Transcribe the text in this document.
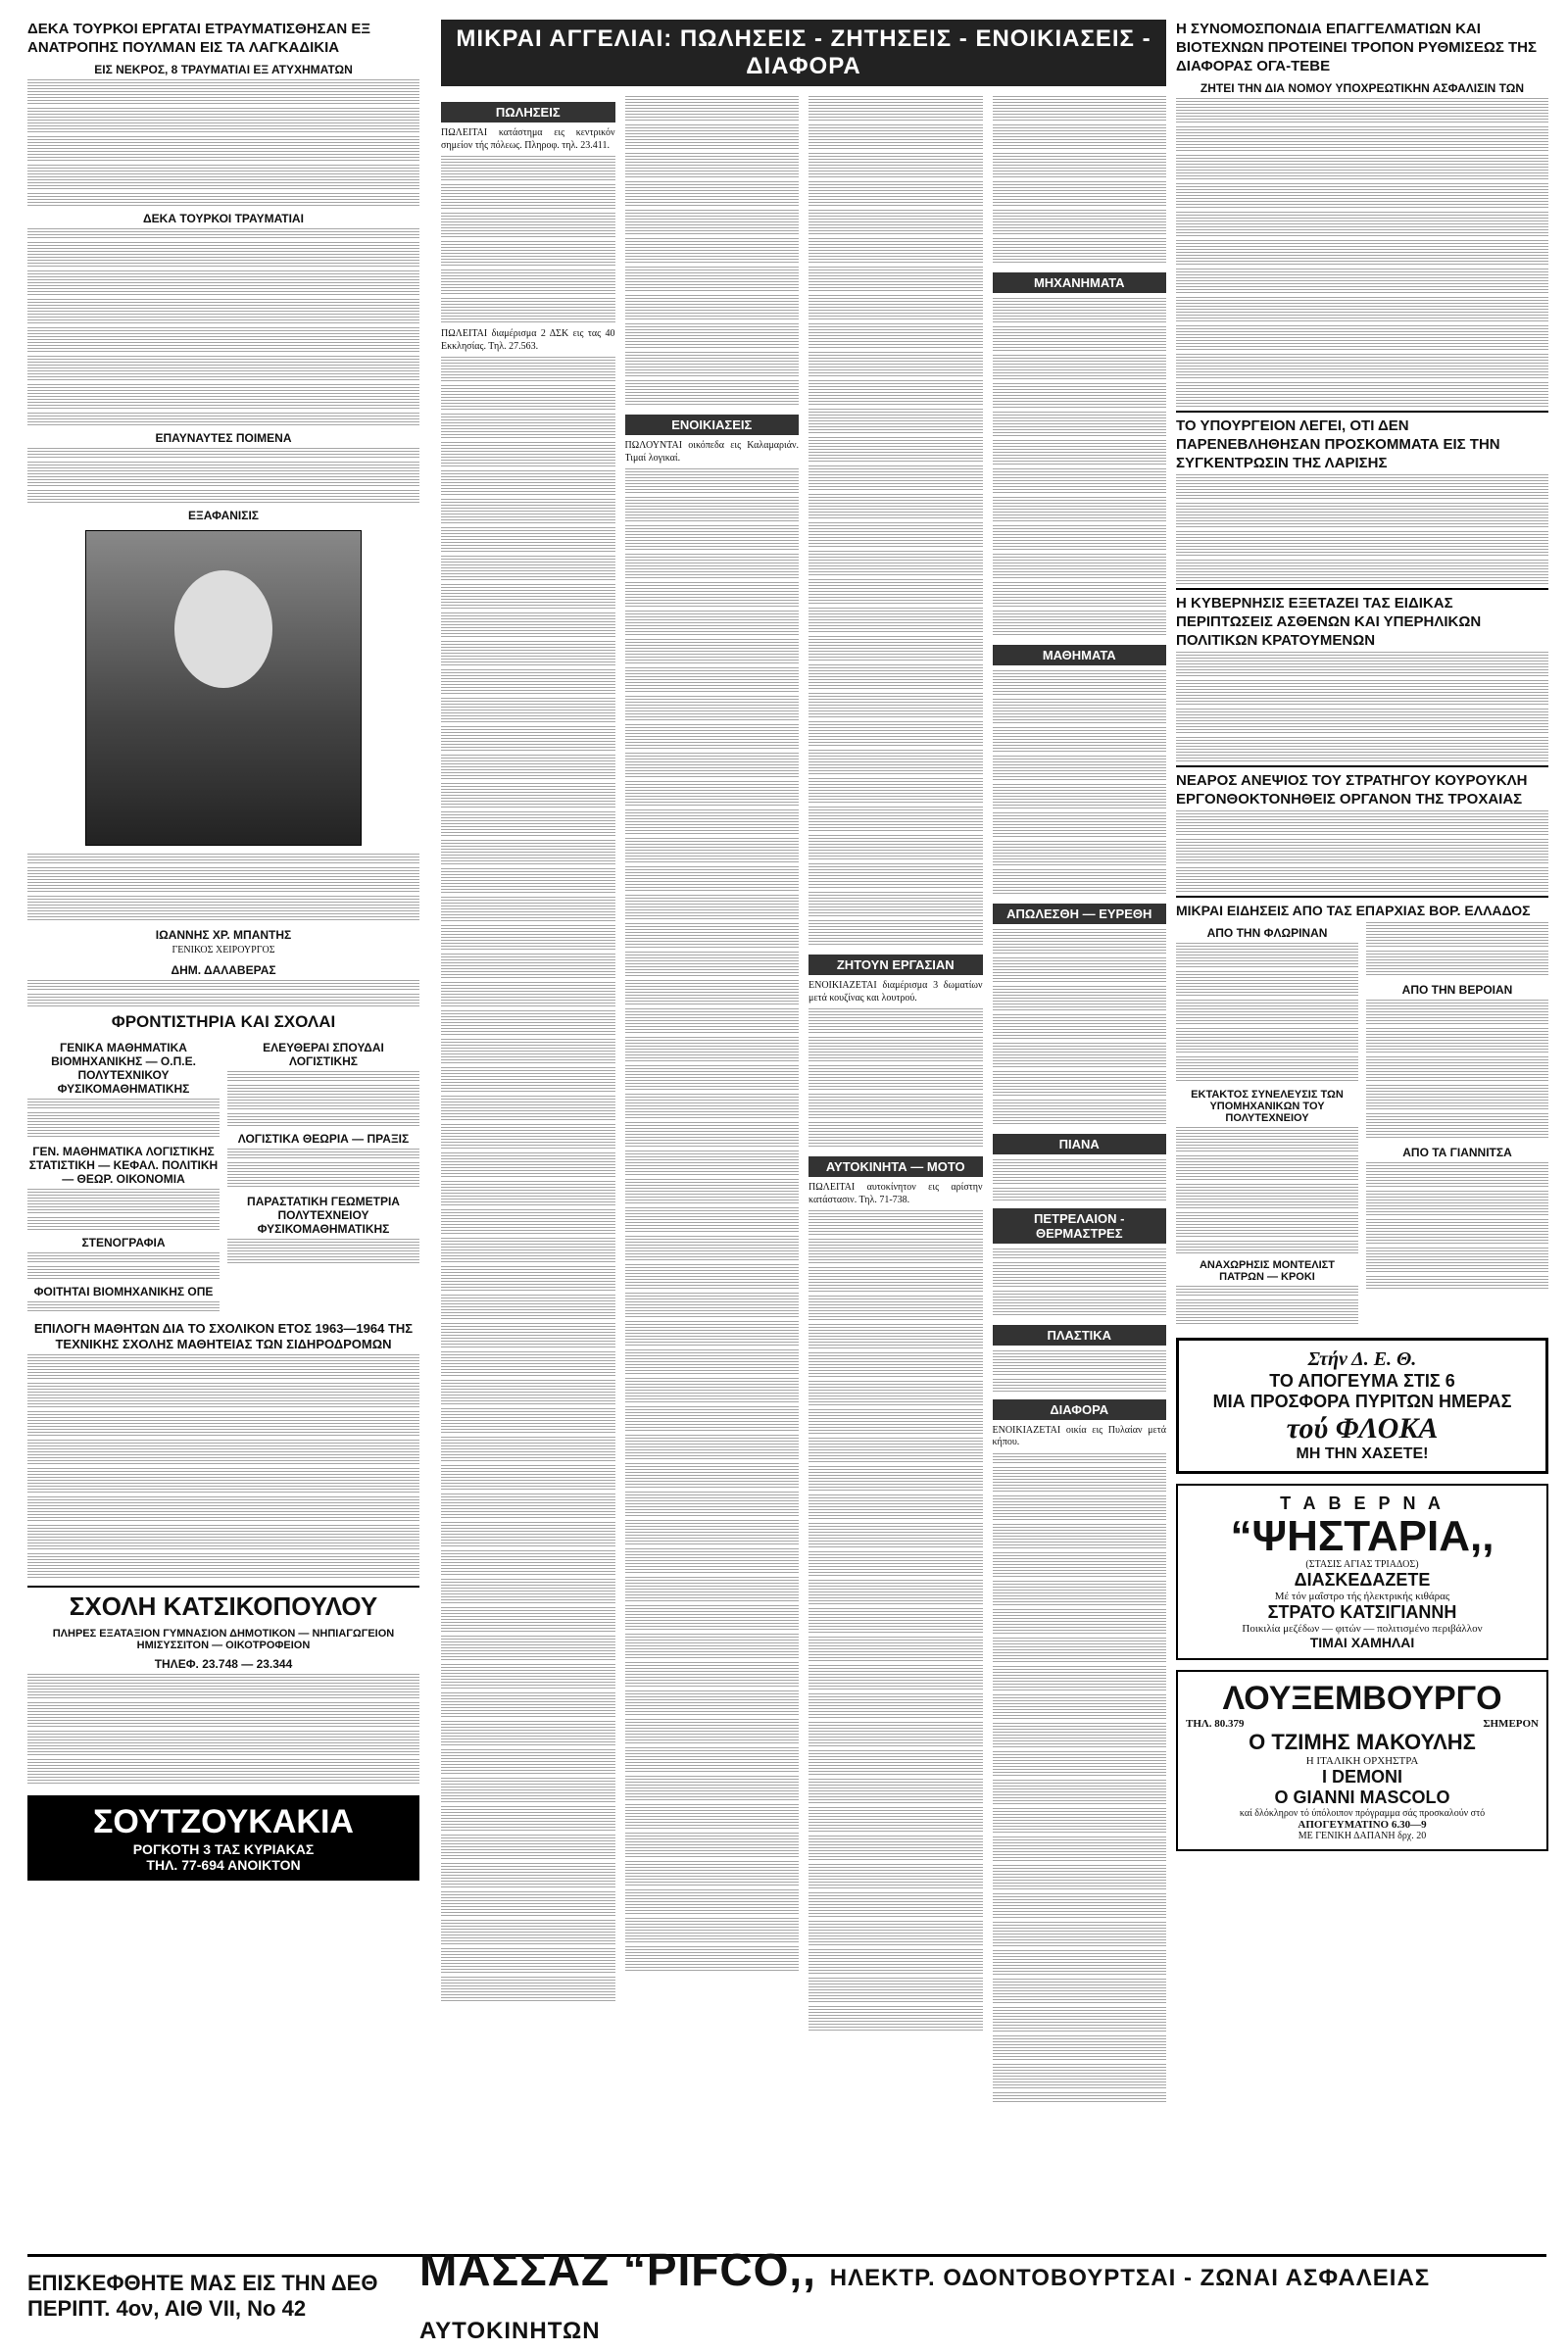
ΔΕΚΑ ΤΟΥΡΚΟΙ ΕΡΓΑΤΑΙ ΕΤΡΑΥΜΑΤΙΣΘΗΣΑΝ ΕΞ ΑΝΑΤΡΟΠΗΣ ΠΟΥΛΜΑΝ ΕΙΣ ΤΑ ΛΑΓΚΑΔΙΚΙΑ
ΕΙΣ ΝΕΚΡΟΣ, 8 ΤΡΑΥΜΑΤΙΑΙ ΕΞ ΑΤΥΧΗΜΑΤΩΝ
ΔΕΚΑ ΤΟΥΡΚΟΙ ΤΡΑΥΜΑΤΙΑΙ
ΕΠΑΥΝΑΥΤΕΣ ΠΟΙΜΕΝΑ
ΕΞΑΦΑΝΙΣΙΣ
ΙΩΑΝΝΗΣ ΧΡ. ΜΠΑΝΤΗΣ
ΓΕΝΙΚΟΣ ΧΕΙΡΟΥΡΓΟΣ
ΔΗΜ. ΔΑΛΑΒΕΡΑΣ
ΦΡΟΝΤΙΣΤΗΡΙΑ ΚΑΙ ΣΧΟΛΑΙ
ΓΕΝΙΚΑ ΜΑΘΗΜΑΤΙΚΑ ΒΙΟΜΗΧΑΝΙΚΗΣ — Ο.Π.Ε. ΠΟΛΥΤΕΧΝΙΚΟΥ ΦΥΣΙΚΟΜΑΘΗΜΑΤΙΚΗΣ
ΓΕΝ. ΜΑΘΗΜΑΤΙΚΑ ΛΟΓΙΣΤΙΚΗΣ ΣΤΑΤΙΣΤΙΚΗ — ΚΕΦΑΛ. ΠΟΛΙΤΙΚΗ — ΘΕΩΡ. ΟΙΚΟΝΟΜΙΑ
ΣΤΕΝΟΓΡΑΦΙΑ
ΦΟΙΤΗΤΑΙ ΒΙΟΜΗΧΑΝΙΚΗΣ ΟΠΕ
ΕΛΕΥΘΕΡΑΙ ΣΠΟΥΔΑΙ ΛΟΓΙΣΤΙΚΗΣ
ΛΟΓΙΣΤΙΚΑ ΘΕΩΡΙΑ — ΠΡΑΞΙΣ
ΠΑΡΑΣΤΑΤΙΚΗ ΓΕΩΜΕΤΡΙΑ ΠΟΛΥΤΕΧΝΕΙΟΥ ΦΥΣΙΚΟΜΑΘΗΜΑΤΙΚΗΣ
ΕΠΙΛΟΓΗ ΜΑΘΗΤΩΝ ΔΙΑ ΤΟ ΣΧΟΛΙΚΟΝ ΕΤΟΣ 1963—1964 ΤΗΣ ΤΕΧΝΙΚΗΣ ΣΧΟΛΗΣ ΜΑΘΗΤΕΙΑΣ ΤΩΝ ΣΙΔΗΡΟΔΡΟΜΩΝ
ΣΧΟΛΗ ΚΑΤΣΙΚΟΠΟΥΛΟΥ
ΠΛΗΡΕΣ ΕΞΑΤΑΞΙΟΝ ΓΥΜΝΑΣΙΟΝ ΔΗΜΟΤΙΚΟΝ — ΝΗΠΙΑΓΩΓΕΙΟΝ ΗΜΙΣΥΣΣΙΤΟΝ — ΟΙΚΟΤΡΟΦΕΙΟΝ
ΤΗΛΕΦ. 23.748 — 23.344
ΣΟΥΤΖΟΥΚΑΚΙΑ
ΡΟΓΚΟΤΗ 3 ΤΑΣ ΚΥΡΙΑΚΑΣ
ΤΗΛ. 77-694 ΑΝΟΙΚΤΟΝ
ΜΙΚΡΑΙ ΑΓΓΕΛΙΑΙ: ΠΩΛΗΣΕΙΣ - ΖΗΤΗΣΕΙΣ - ΕΝΟΙΚΙΑΣΕΙΣ - ΔΙΑΦΟΡΑ
ΠΩΛΗΣΕΙΣ
ΠΩΛΕΙΤΑΙ κατάστημα εις κεντρικόν σημείον τής πόλεως. Πληροφ. τηλ. 23.411.
ΠΩΛΕΙΤΑΙ διαμέρισμα 2 ΔΣΚ εις τας 40 Εκκλησίας. Τηλ. 27.563.
ΕΝΟΙΚΙΑΣΕΙΣ
ΠΩΛΟΥΝΤΑΙ οικόπεδα εις Καλαμαριάν. Τιμαί λογικαί.
ΖΗΤΟΥΝ ΕΡΓΑΣΙΑΝ
ΕΝΟΙΚΙΑΖΕΤΑΙ διαμέρισμα 3 δωματίων μετά κουζίνας και λουτρού.
ΑΥΤΟΚΙΝΗΤΑ — ΜΟΤΟ
ΠΩΛΕΙΤΑΙ αυτοκίνητον εις αρίστην κατάστασιν. Τηλ. 71-738.
ΜΗΧΑΝΗΜΑΤΑ
ΜΑΘΗΜΑΤΑ
ΑΠΩΛΕΣΘΗ — ΕΥΡΕΘΗ
ΠΙΑΝΑ
ΠΕΤΡΕΛΑΙΟΝ - ΘΕΡΜΑΣΤΡΕΣ
ΠΛΑΣΤΙΚΑ
ΔΙΑΦΟΡΑ
ΕΝΟΙΚΙΑΖΕΤΑΙ οικία εις Πυλαίαν μετά κήπου.
Η ΣΥΝΟΜΟΣΠΟΝΔΙΑ ΕΠΑΓΓΕΛΜΑΤΙΩΝ ΚΑΙ ΒΙΟΤΕΧΝΩΝ ΠΡΟΤΕΙΝΕΙ ΤΡΟΠΟΝ ΡΥΘΜΙΣΕΩΣ ΤΗΣ ΔΙΑΦΟΡΑΣ ΟΓΑ-ΤΕΒΕ
ΖΗΤΕΙ ΤΗΝ ΔΙΑ ΝΟΜΟΥ ΥΠΟΧΡΕΩΤΙΚΗΝ ΑΣΦΑΛΙΣΙΝ ΤΩΝ
ΤΟ ΥΠΟΥΡΓΕΙΟΝ ΛΕΓΕΙ, ΟΤΙ ΔΕΝ ΠΑΡΕΝΕΒΛΗΘΗΣΑΝ ΠΡΟΣΚΟΜΜΑΤΑ ΕΙΣ ΤΗΝ ΣΥΓΚΕΝΤΡΩΣΙΝ ΤΗΣ ΛΑΡΙΣΗΣ
Η ΚΥΒΕΡΝΗΣΙΣ ΕΞΕΤΑΖΕΙ ΤΑΣ ΕΙΔΙΚΑΣ ΠΕΡΙΠΤΩΣΕΙΣ ΑΣΘΕΝΩΝ ΚΑΙ ΥΠΕΡΗΛΙΚΩΝ ΠΟΛΙΤΙΚΩΝ ΚΡΑΤΟΥΜΕΝΩΝ
ΝΕΑΡΟΣ ΑΝΕΨΙΟΣ ΤΟΥ ΣΤΡΑΤΗΓΟΥ ΚΟΥΡΟΥΚΛΗ ΕΡΓΟΝΘΟΚΤΟΝΗΘΕΙΣ ΟΡΓΑΝΟΝ ΤΗΣ ΤΡΟΧΑΙΑΣ
ΜΙΚΡΑΙ ΕΙΔΗΣΕΙΣ ΑΠΟ ΤΑΣ ΕΠΑΡΧΙΑΣ ΒΟΡ. ΕΛΛΑΔΟΣ
ΑΠΟ ΤΗΝ ΦΛΩΡΙΝΑΝ
ΕΚΤΑΚΤΟΣ ΣΥΝΕΛΕΥΣΙΣ ΤΩΝ ΥΠΟΜΗΧΑΝΙΚΩΝ ΤΟΥ ΠΟΛΥΤΕΧΝΕΙΟΥ
ΑΝΑΧΩΡΗΣΙΣ ΜΟΝΤΕΛΙΣΤ ΠΑΤΡΩΝ — ΚΡΟΚΙ
ΑΠΟ ΤΗΝ ΒΕΡΟΙΑΝ
ΑΠΟ ΤΑ ΓΙΑΝΝΙΤΣΑ
Στήν Δ. Ε. Θ.
ΤΟ ΑΠΟΓΕΥΜΑ ΣΤΙΣ 6
ΜΙΑ ΠΡΟΣΦΟΡΑ ΠΥΡΙΤΩΝ ΗΜΕΡΑΣ
τού ΦΛΟΚΑ
ΜΗ ΤΗΝ ΧΑΣΕΤΕ!
Τ Α Β Ε Ρ Ν Α
“ΨΗΣΤΑΡΙΑ,,
(ΣΤΑΣΙΣ ΑΓΙΑΣ ΤΡΙΑΔΟΣ)
ΔΙΑΣΚΕΔΑΖΕΤΕ
Μέ τόν μαΐστρο τής ήλεκτρικής κιθάρας
ΣΤΡΑΤΟ ΚΑΤΣΙΓΙΑΝΝΗ
Ποικιλία μεζέδων — φιτών — πολιτισμένο περιβάλλον
ΤΙΜΑΙ ΧΑΜΗΛΑΙ
ΛΟΥΞΕΜΒΟΥΡΓΟ
ΤΗΛ. 80.379	ΣΗΜΕΡΟΝ
Ο ΤΖΙΜΗΣ ΜΑΚΟΥΛΗΣ
Η ΙΤΑΛΙΚΗ ΟΡΧΗΣΤΡΑ
I DEMONI
O GIANNI MASCOLO
καί δλόκληρον τό ύπόλοιπον πρόγραμμα σάς προσκαλούν στό
ΑΠΟΓΕΥΜΑΤΙΝΟ 6.30—9
ΜΕ ΓΕΝΙΚΗ ΔΑΠΑΝΗ δρχ. 20
ΕΠΙΣΚΕΦΘΗΤΕ ΜΑΣ ΕΙΣ ΤΗΝ ΔΕΘ
ΠΕΡΙΠΤ. 4ον, ΑΙΘ VII, Νο 42
ΜΑΣΣΑΖ “PIFCO,, ΗΛΕΚΤΡ. ΟΔΟΝΤΟΒΟΥΡΤΣΑΙ - ΖΩΝΑΙ ΑΣΦΑΛΕΙΑΣ ΑΥΤΟΚΙΝΗΤΩΝ
